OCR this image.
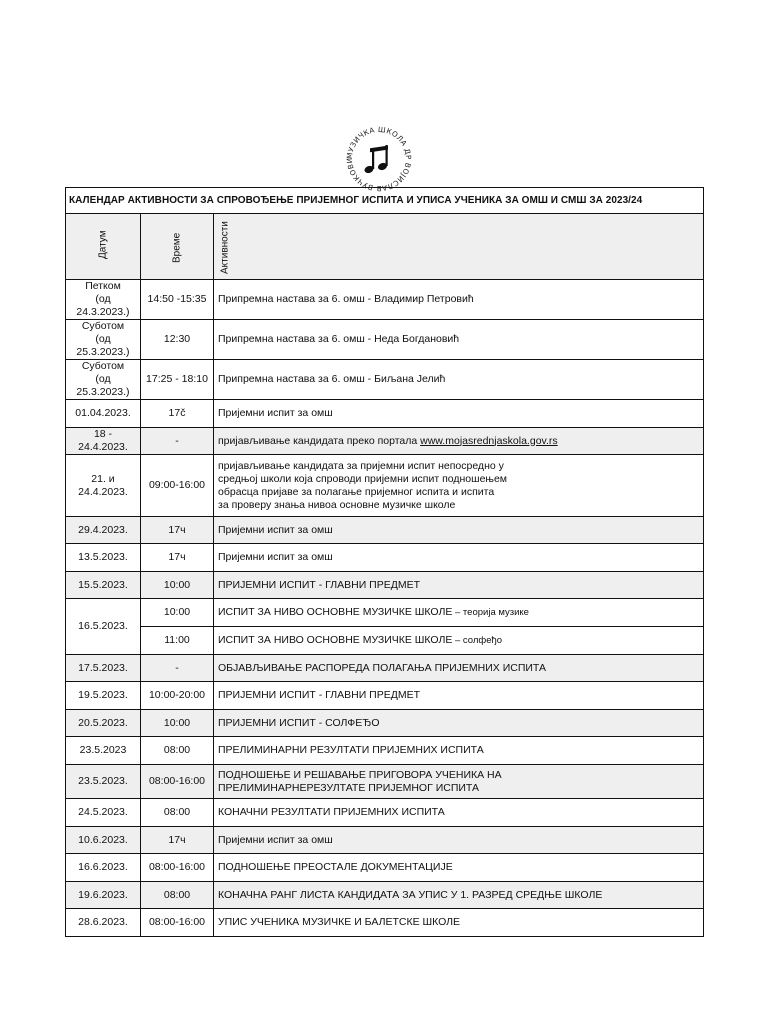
МУЗИЧКА ШКОЛА ДР ВОЈИСЛАВ ВУЧКОВИ
КАЛЕНДАР АКТИВНОСТИ ЗА СПРОВОЂЕЊЕ ПРИЈЕМНОГ ИСПИТА И УПИСА УЧЕНИКА ЗА ОМШ И СМШ ЗА 2023/24		

Датум	Време	Активности

Петком
(од 24.3.2023.)	14:50 -15:35	Припремна настава за 6. омш - Владимир Петровић
Суботом
(од 25.3.2023.)	12:30	Припремна настава за 6. омш - Неда Богдановић
Суботом
(од 25.3.2023.)	17:25 - 18:10	Припремна настава за 6. омш - Биљана Јелић
01.04.2023.	17č	Пријемни испит за омш
18 - 24.4.2023.	-	пријављивање кандидата преко портала www.mojasrednjaskola.gov.rs
21. и 24.4.2023.	09:00-16:00	пријављивање кандидата за пријемни испит непосредно у
средњој школи која спроводи пријемни испит подношењем
обрасца пријаве за полагање пријемног испита и испита
за проверу знања нивоа основне музичке школе
29.4.2023.	17ч	Пријемни испит за омш
13.5.2023.	17ч	Пријемни испит за омш
15.5.2023.	10:00	ПРИЈЕМНИ ИСПИТ - ГЛАВНИ ПРЕДМЕТ
16.5.2023.	10:00	ИСПИТ ЗА НИВО ОСНОВНЕ МУЗИЧКЕ ШКОЛЕ – теорија музике
	11:00	ИСПИТ ЗА НИВО ОСНОВНЕ МУЗИЧКЕ ШКОЛЕ – солфеђо
17.5.2023.	-	ОБЈАВЉИВАЊЕ РАСПОРЕДА ПОЛАГАЊА ПРИЈЕМНИХ ИСПИТА
19.5.2023.	10:00-20:00	ПРИЈЕМНИ ИСПИТ - ГЛАВНИ ПРЕДМЕТ
20.5.2023.	10:00	ПРИЈЕМНИ ИСПИТ - СОЛФЕЂО
23.5.2023	08:00	ПРЕЛИМИНАРНИ РЕЗУЛТАТИ ПРИЈЕМНИХ ИСПИТА
23.5.2023.	08:00-16:00	ПОДНОШЕЊЕ И РЕШАВАЊЕ ПРИГОВОРА УЧЕНИКА НА
ПРЕЛИМИНАРНЕРЕЗУЛТАТЕ ПРИЈЕМНОГ ИСПИТА
24.5.2023.	08:00	КОНАЧНИ РЕЗУЛТАТИ ПРИЈЕМНИХ ИСПИТА
10.6.2023.	17ч	Пријемни испит за омш
16.6.2023.	08:00-16:00	ПОДНОШЕЊЕ ПРЕОСТАЛЕ ДОКУМЕНТАЦИЈЕ
19.6.2023.	08:00	КОНАЧНА РАНГ ЛИСТА КАНДИДАТА ЗА УПИС У 1. РАЗРЕД СРЕДЊЕ ШКОЛЕ
28.6.2023.	08:00-16:00	УПИС УЧЕНИКА МУЗИЧКЕ И БАЛЕТСКЕ ШКОЛЕ
